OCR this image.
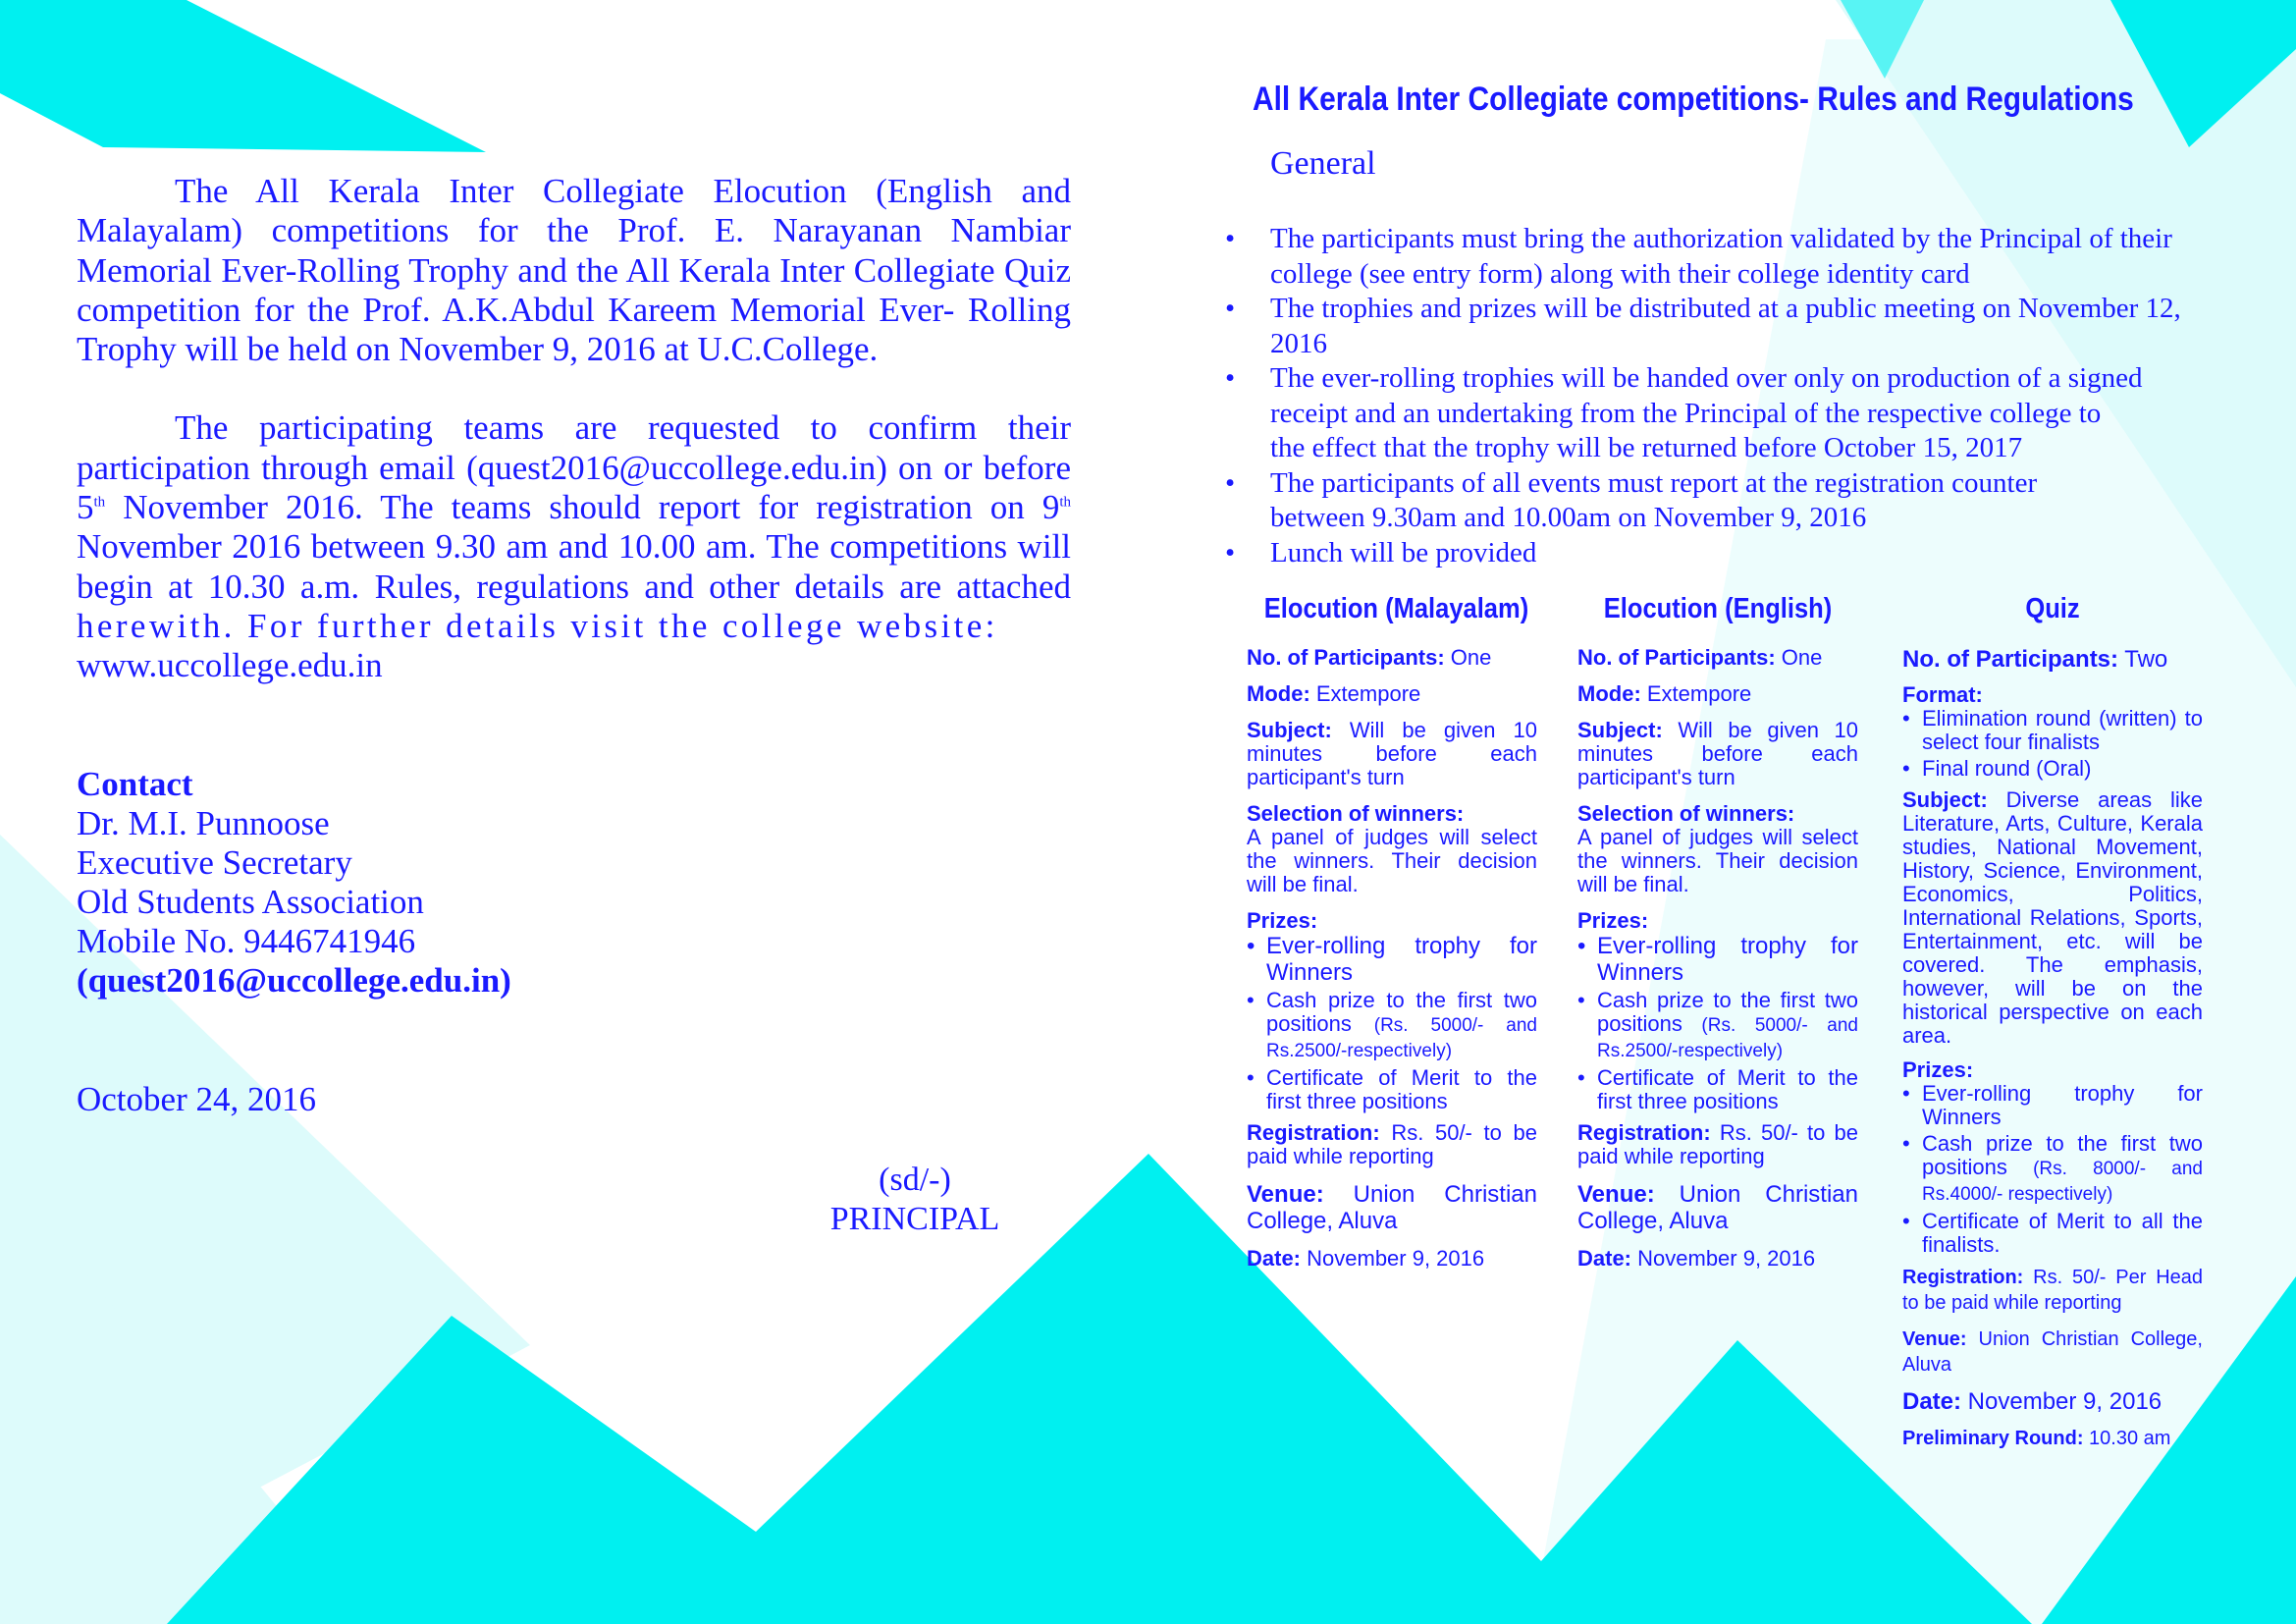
The All Kerala Inter Collegiate Elocution (English and Malayalam) competitions for the Prof. E. Narayanan Nambiar Memorial Ever-Rolling Trophy and the All Kerala Inter Collegiate Quiz competition for the Prof. A.K.Abdul Kareem Memorial Ever- Rolling Trophy will be held on November 9, 2016 at U.C.College.

The participating teams are requested to confirm their participation through email (quest2016@uccollege.edu.in) on or before 5th November 2016. The teams should report for registration on 9th November 2016 between 9.30 am and 10.00 am. The competitions will begin at 10.30 a.m. Rules, regulations and other details are attached herewith. For further details visit the college website:
www.uccollege.edu.in

Contact
Dr. M.I. Punnoose
Executive Secretary
Old Students Association
Mobile No. 9446741946
(quest2016@uccollege.edu.in)
October 24, 2016
(sd/-)
PRINCIPAL
All Kerala Inter Collegiate competitions- Rules and Regulations
General
• The participants must bring the authorization validated by the Principal of their
college (see entry form) along with their college identity card
• The trophies and prizes will be distributed at a public meeting on November 12,
2016
• The ever-rolling trophies will be handed over only on production of a signed
receipt and an undertaking from the Principal of the respective college to
the effect that the trophy will be returned before October 15, 2017
• The participants of all events must report at the registration counter
between 9.30am and 10.00am on November 9, 2016
• Lunch will be provided
Elocution (Malayalam)

No. of Participants: One

Mode: Extempore

Subject: Will be given 10 minutes before each participant's turn

Selection of winners:
A panel of judges will select the winners. Their decision will be final.

Prizes:
• Ever-rolling trophy for Winners
• Cash prize to the first two positions (Rs. 5000/- and Rs.2500/-respectively)
• Certificate of Merit to the first three positions

Registration: Rs. 50/- to be paid while reporting

Venue: Union Christian College, Aluva

Date: November 9, 2016

Elocution (English)

No. of Participants: One

Mode: Extempore

Subject: Will be given 10 minutes before each participant's turn

Selection of winners:
A panel of judges will select the winners. Their decision will be final.

Prizes:
• Ever-rolling trophy for Winners
• Cash prize to the first two positions (Rs. 5000/- and Rs.2500/-respectively)
• Certificate of Merit to the first three positions

Registration: Rs. 50/- to be paid while reporting

Venue: Union Christian College, Aluva

Date: November 9, 2016

Quiz

No. of Participants: Two

Format:
• Elimination round (written) to select four finalists
• Final round (Oral)

Subject: Diverse areas like Literature, Arts, Culture, Kerala studies, National Movement, History, Science, Environment, Economics, Politics, International Relations, Sports, Entertainment, etc. will be covered. The emphasis, however, will be on the historical perspective on each area.

Prizes:
• Ever-rolling trophy for Winners
• Cash prize to the first two positions (Rs. 8000/- and Rs.4000/- respectively)
• Certificate of Merit to all the finalists.

Registration: Rs. 50/- Per Head to be paid while reporting

Venue: Union Christian College, Aluva

Date: November 9, 2016

Preliminary Round: 10.30 am
